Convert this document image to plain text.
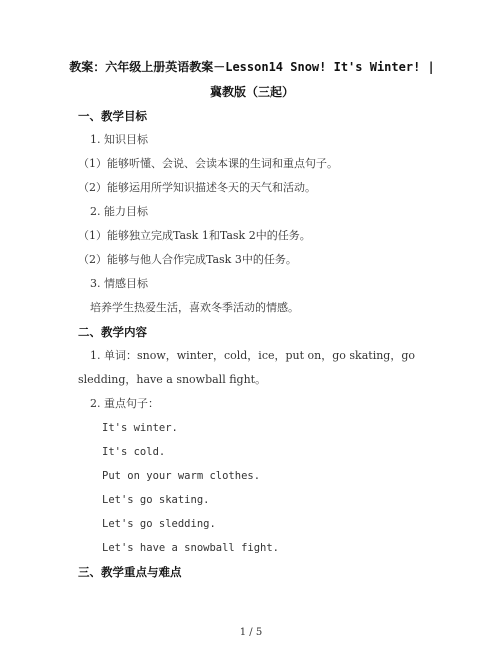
教案：六年级上册英语教案－Lesson14 Snow! It's Winter! |
冀教版（三起）
一、教学目标
1. 知识目标
（1）能够听懂、会说、会读本课的生词和重点句子。
（2）能够运用所学知识描述冬天的天气和活动。
2. 能力目标
（1）能够独立完成Task 1和Task 2中的任务。
（2）能够与他人合作完成Task 3中的任务。
3. 情感目标
培养学生热爱生活，喜欢冬季活动的情感。
二、教学内容
1. 单词：snow，winter，cold，ice，put on，go skating，go
sledding，have a snowball fight。
2. 重点句子：
It's winter.
It's cold.
Put on your warm clothes.
Let's go skating.
Let's go sledding.
Let's have a snowball fight.
三、教学重点与难点
1 / 5
